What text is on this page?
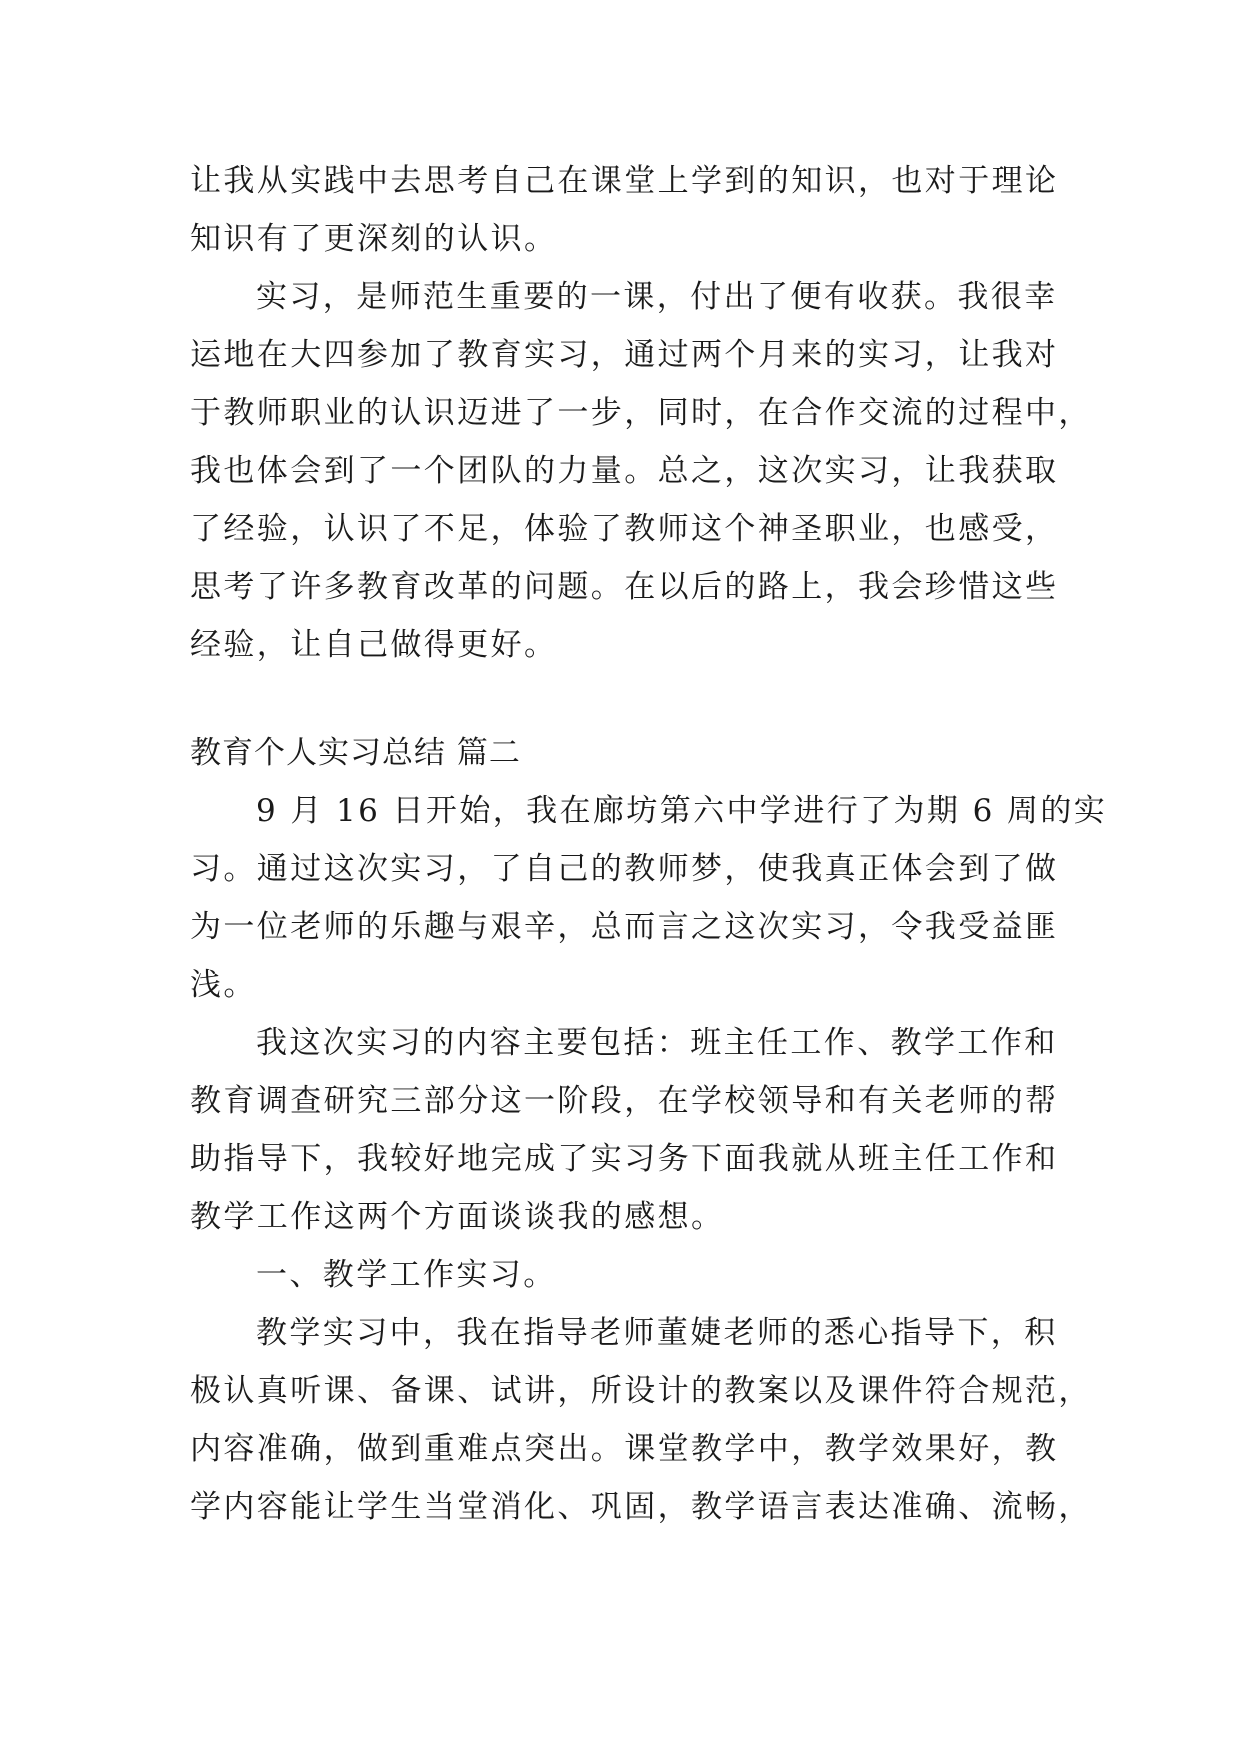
让我从实践中去思考自己在课堂上学到的知识，也对于理论
知识有了更深刻的认识。
实习，是师范生重要的一课，付出了便有收获。我很幸
运地在大四参加了教育实习，通过两个月来的实习，让我对
于教师职业的认识迈进了一步，同时，在合作交流的过程中，
我也体会到了一个团队的力量。总之，这次实习，让我获取
了经验，认识了不足，体验了教师这个神圣职业，也感受，
思考了许多教育改革的问题。在以后的路上，我会珍惜这些
经验，让自己做得更好。
教育个人实习总结 篇二
9 月 16 日开始，我在廊坊第六中学进行了为期 6 周的实
习。通过这次实习，了自己的教师梦，使我真正体会到了做
为一位老师的乐趣与艰辛，总而言之这次实习，令我受益匪
浅。
我这次实习的内容主要包括：班主任工作、教学工作和
教育调查研究三部分这一阶段，在学校领导和有关老师的帮
助指导下，我较好地完成了实习务下面我就从班主任工作和
教学工作这两个方面谈谈我的感想。
一、教学工作实习。
教学实习中，我在指导老师董婕老师的悉心指导下，积
极认真听课、备课、试讲，所设计的教案以及课件符合规范，
内容准确，做到重难点突出。课堂教学中，教学效果好，教
学内容能让学生当堂消化、巩固，教学语言表达准确、流畅，
